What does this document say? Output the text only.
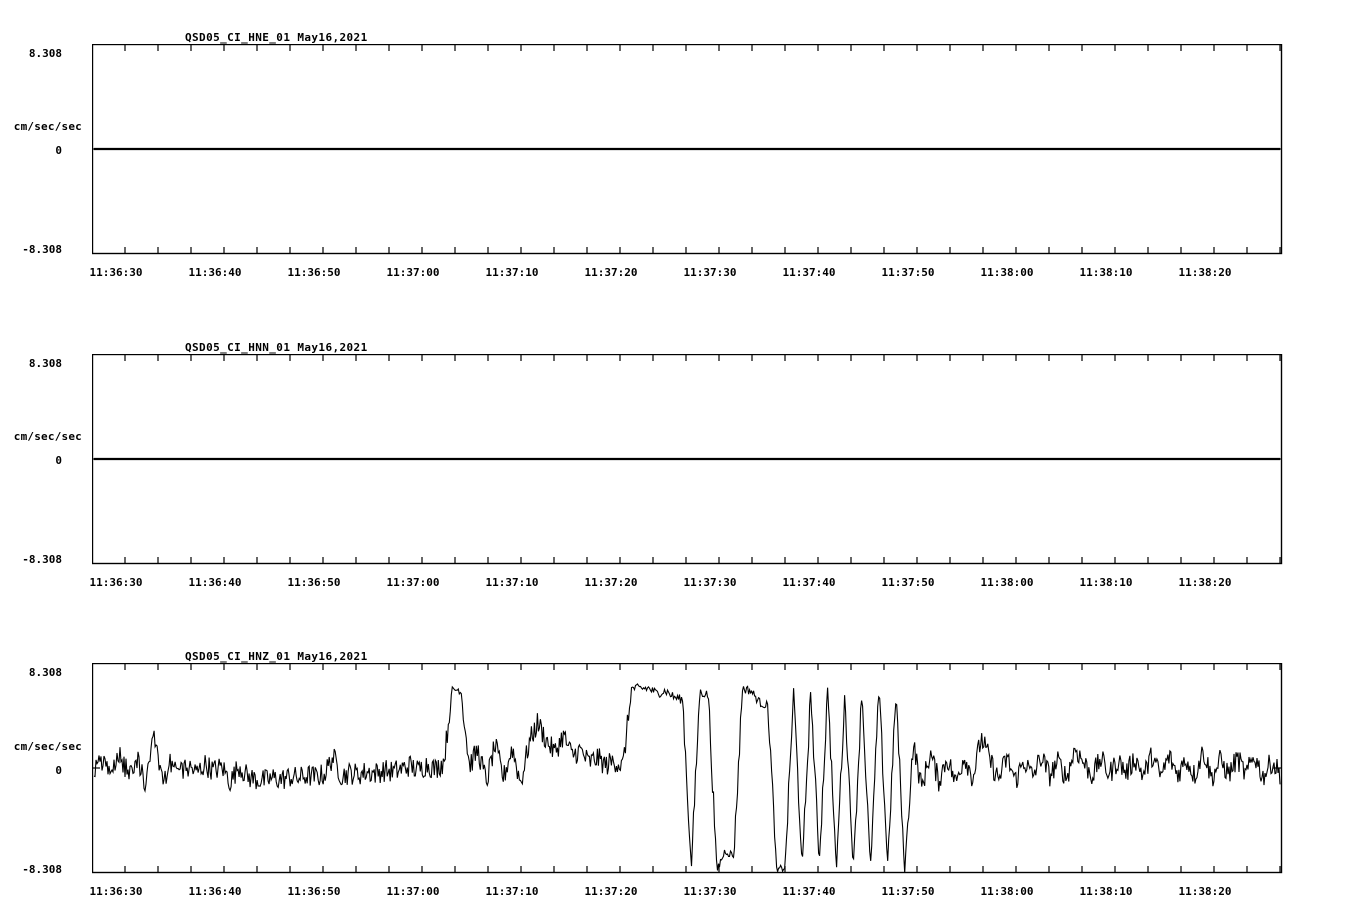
QSD05_CI_HNE_01 May16,2021
cm/sec/sec
8.308
0
-8.308
11:36:30	11:36:40	11:36:50	11:37:00	11:37:10	11:37:20	11:37:30	11:37:40	11:37:50	11:38:00	11:38:10	11:38:20
QSD05_CI_HNN_01 May16,2021
cm/sec/sec
8.308
0
-8.308
11:36:30	11:36:40	11:36:50	11:37:00	11:37:10	11:37:20	11:37:30	11:37:40	11:37:50	11:38:00	11:38:10	11:38:20
QSD05_CI_HNZ_01 May16,2021
cm/sec/sec
8.308
0
-8.308
11:36:30	11:36:40	11:36:50	11:37:00	11:37:10	11:37:20	11:37:30	11:37:40	11:37:50	11:38:00	11:38:10	11:38:20
